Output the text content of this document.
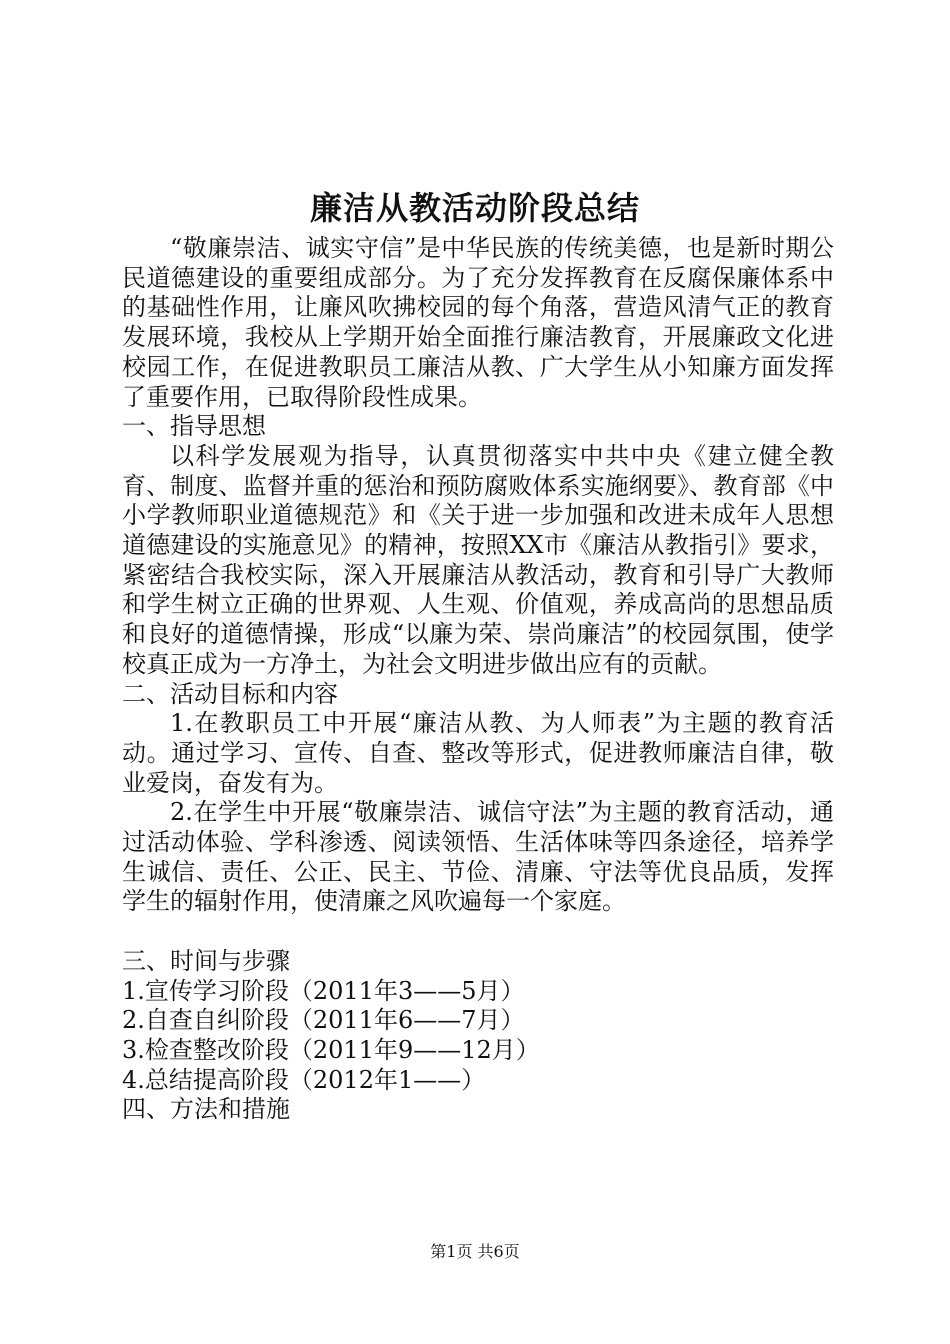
廉洁从教活动阶段总结

“敬廉崇洁、诚实守信”是中华民族的传统美德，也是新时期公民道德建设的重要组成部分。为了充分发挥教育在反腐保廉体系中的基础性作用，让廉风吹拂校园的每个角落，营造风清气正的教育发展环境，我校从上学期开始全面推行廉洁教育，开展廉政文化进校园工作，在促进教职员工廉洁从教、广大学生从小知廉方面发挥了重要作用，已取得阶段性成果。

一、指导思想

以科学发展观为指导，认真贯彻落实中共中央《建立健全教育、制度、监督并重的惩治和预防腐败体系实施纲要》、教育部《中小学教师职业道德规范》和《关于进一步加强和改进未成年人思想道德建设的实施意见》的精神，按照XX市《廉洁从教指引》要求，紧密结合我校实际，深入开展廉洁从教活动，教育和引导广大教师和学生树立正确的世界观、人生观、价值观，养成高尚的思想品质和良好的道德情操，形成“以廉为荣、崇尚廉洁”的校园氛围，使学校真正成为一方净土，为社会文明进步做出应有的贡献。

二、活动目标和内容

1.在教职员工中开展“廉洁从教、为人师表”为主题的教育活动。通过学习、宣传、自查、整改等形式，促进教师廉洁自律，敬业爱岗，奋发有为。

2.在学生中开展“敬廉崇洁、诚信守法”为主题的教育活动，通过活动体验、学科渗透、阅读领悟、生活体味等四条途径，培养学生诚信、责任、公正、民主、节俭、清廉、守法等优良品质，发挥学生的辐射作用，使清廉之风吹遍每一个家庭。

三、时间与步骤

1.宣传学习阶段（2011年3——5月）

2.自查自纠阶段（2011年6——7月）

3.检查整改阶段（2011年9——12月）

4.总结提高阶段（2012年1——）

四、方法和措施

第1页 共6页
